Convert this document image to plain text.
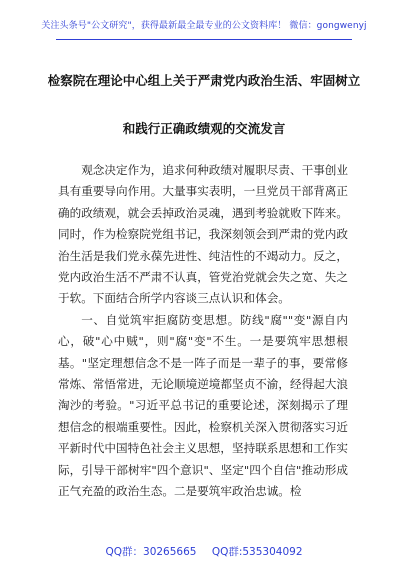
关注头条号"公文研究"，获得最新最全最专业的公文资料库！ 微信：gongwenyj
检察院在理论中心组上关于严肃党内政治生活、牢固树立
和践行正确政绩观的交流发言

观念决定作为，追求何种政绩对履职尽责、干事创业具有重要导向作用。大量事实表明，一旦党员干部背离正确的政绩观，就会丢掉政治灵魂，遇到考验就败下阵来。同时，作为检察院党组书记，我深刻领会到严肃的党内政治生活是我们党永葆先进性、纯洁性的不竭动力。反之，党内政治生活不严肃不认真，管党治党就会失之宽、失之于软。下面结合所学内容谈三点认识和体会。

一、自觉筑牢拒腐防变思想。防线"腐""变"源自内心，破"心中贼"，则"腐"变"不生。一是要筑牢思想根基。"坚定理想信念不是一阵子而是一辈子的事，要常修常炼、常悟常进，无论顺境逆境都坚贞不渝，经得起大浪淘沙的考验。"习近平总书记的重要论述，深刻揭示了理想信念的根端重要性。因此，检察机关深入贯彻落实习近平新时代中国特色社会主义思想，坚持联系思想和工作实际，引导干部树牢"四个意识"、坚定"四个自信"推动形成正气充盈的政治生态。二是要筑牢政治忠诚。检

QQ群：30265665 QQ群:535304092
